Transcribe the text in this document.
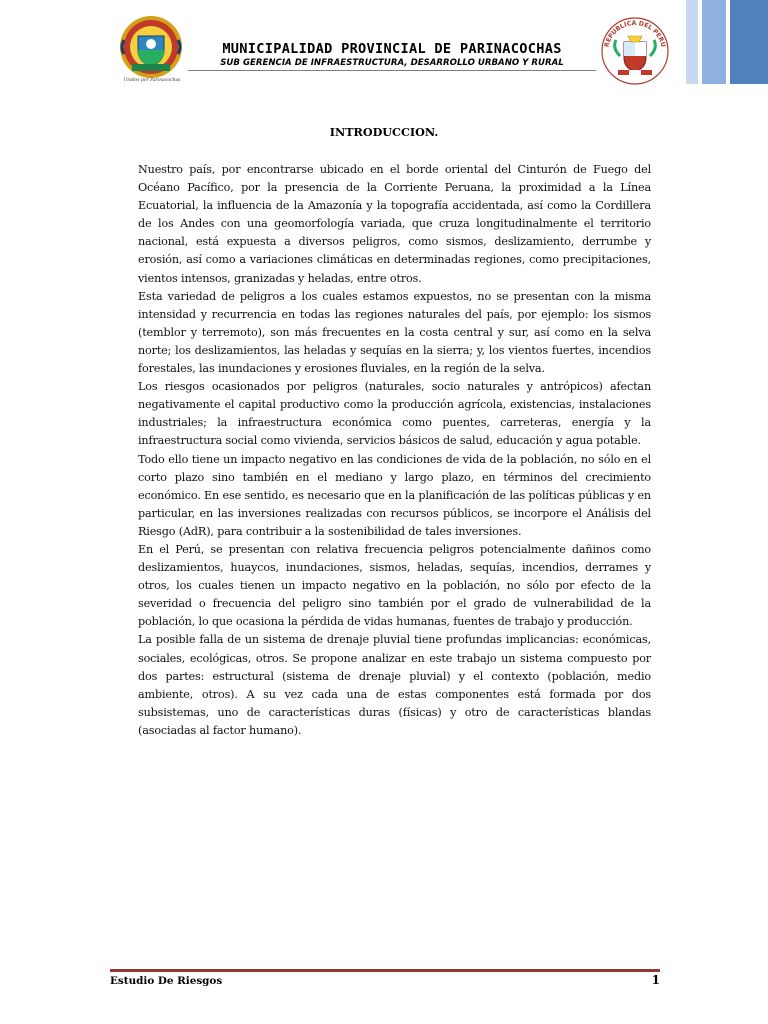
Unidos por Parinacochas
MUNICIPALIDAD PROVINCIAL DE PARINACOCHAS
SUB GERENCIA DE INFRAESTRUCTURA, DESARROLLO URBANO Y RURAL
REPUBLICA DEL PERU
INTRODUCCION.

Nuestro país, por encontrarse ubicado en el borde oriental del Cinturón de Fuego del Océano Pacífico, por la presencia de la Corriente Peruana, la proximidad a la Línea Ecuatorial, la influencia de la Amazonía y la topografía accidentada, así como la Cordillera de los Andes con una geomorfología variada, que cruza longitudinalmente el territorio nacional, está expuesta a diversos peligros, como sismos, deslizamiento, derrumbe y erosión, así como a variaciones climáticas en determinadas regiones, como precipitaciones, vientos intensos, granizadas y heladas, entre otros.

Esta variedad de peligros a los cuales estamos expuestos, no se presentan con la misma intensidad y recurrencia en todas las regiones naturales del país, por ejemplo: los sismos (temblor y terremoto), son más frecuentes en la costa central y sur, así como en la selva norte; los deslizamientos, las heladas y sequías en la sierra; y, los vientos fuertes, incendios forestales, las inundaciones y erosiones fluviales, en la región de la selva.

Los riesgos ocasionados por peligros (naturales, socio naturales y antrópicos) afectan negativamente el capital productivo como la producción agrícola, existencias, instalaciones industriales; la infraestructura económica como puentes, carreteras, energía y la infraestructura social como vivienda, servicios básicos de salud, educación y agua potable.

Todo ello tiene un impacto negativo en las condiciones de vida de la población, no sólo en el corto plazo sino también en el mediano y largo plazo, en términos del crecimiento económico. En ese sentido, es necesario que en la planificación de las políticas públicas y en particular, en las inversiones realizadas con recursos públicos, se incorpore el Análisis del Riesgo (AdR), para contribuir a la sostenibilidad de tales inversiones.

En el Perú, se presentan con relativa frecuencia peligros potencialmente dañinos como deslizamientos, huaycos, inundaciones, sismos, heladas, sequías, incendios, derrames y otros, los cuales tienen un impacto negativo en la población, no sólo por efecto de la severidad o frecuencia del peligro sino también por el grado de vulnerabilidad de la población, lo que ocasiona la pérdida de vidas humanas, fuentes de trabajo y producción.

La posible falla de un sistema de drenaje pluvial tiene profundas implicancias: económicas, sociales, ecológicas, otros. Se propone analizar en este trabajo un sistema compuesto por dos partes: estructural (sistema de drenaje pluvial) y el contexto (población, medio ambiente, otros). A su vez cada una de estas componentes está formada por dos subsistemas, uno de características duras (físicas) y otro de características blandas (asociadas al factor humano).

Estudio De Riesgos	1
